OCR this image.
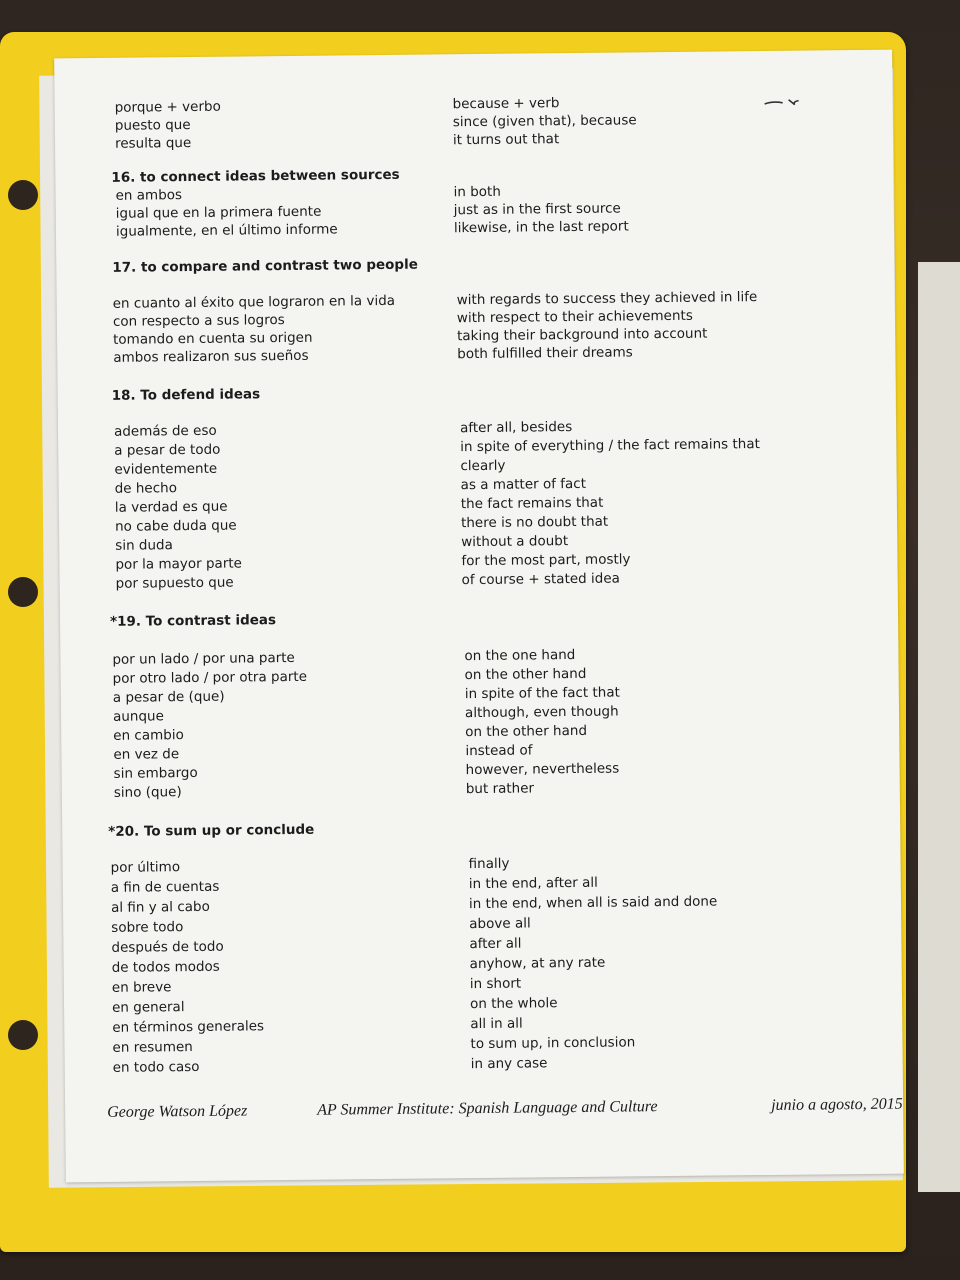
porque + verbo	because + verb
puesto que	since (given that), because
resulta que	it turns out that
16. to connect ideas between sources
en ambos	in both
igual que en la primera fuente	just as in the first source
igualmente, en el último informe	likewise, in the last report
17. to compare and contrast two people
en cuanto al éxito que lograron en la vida	with regards to success they achieved in life
con respecto a sus logros	with respect to their achievements
tomando en cuenta su origen	taking their background into account
ambos realizaron sus sueños	both fulfilled their dreams
18. To defend ideas
además de eso	after all, besides
a pesar de todo	in spite of everything / the fact remains that
evidentemente	clearly
de hecho	as a matter of fact
la verdad es que	the fact remains that
no cabe duda que	there is no doubt that
sin duda	without a doubt
por la mayor parte	for the most part, mostly
por supuesto que	of course + stated idea
*19. To contrast ideas
por un lado / por una parte	on the one hand
por otro lado / por otra parte	on the other hand
a pesar de (que)	in spite of the fact that
aunque	although, even though
en cambio	on the other hand
en vez de	instead of
sin embargo	however, nevertheless
sino (que)	but rather
*20. To sum up or conclude
por último	finally
a fin de cuentas	in the end, after all
al fin y al cabo	in the end, when all is said and done
sobre todo	above all
después de todo	after all
de todos modos	anyhow, at any rate
en breve	in short
en general	on the whole
en términos generales	all in all
en resumen	to sum up, in conclusion
en todo caso	in any case
George Watson López	AP Summer Institute: Spanish Language and Culture	junio a agosto, 2015
